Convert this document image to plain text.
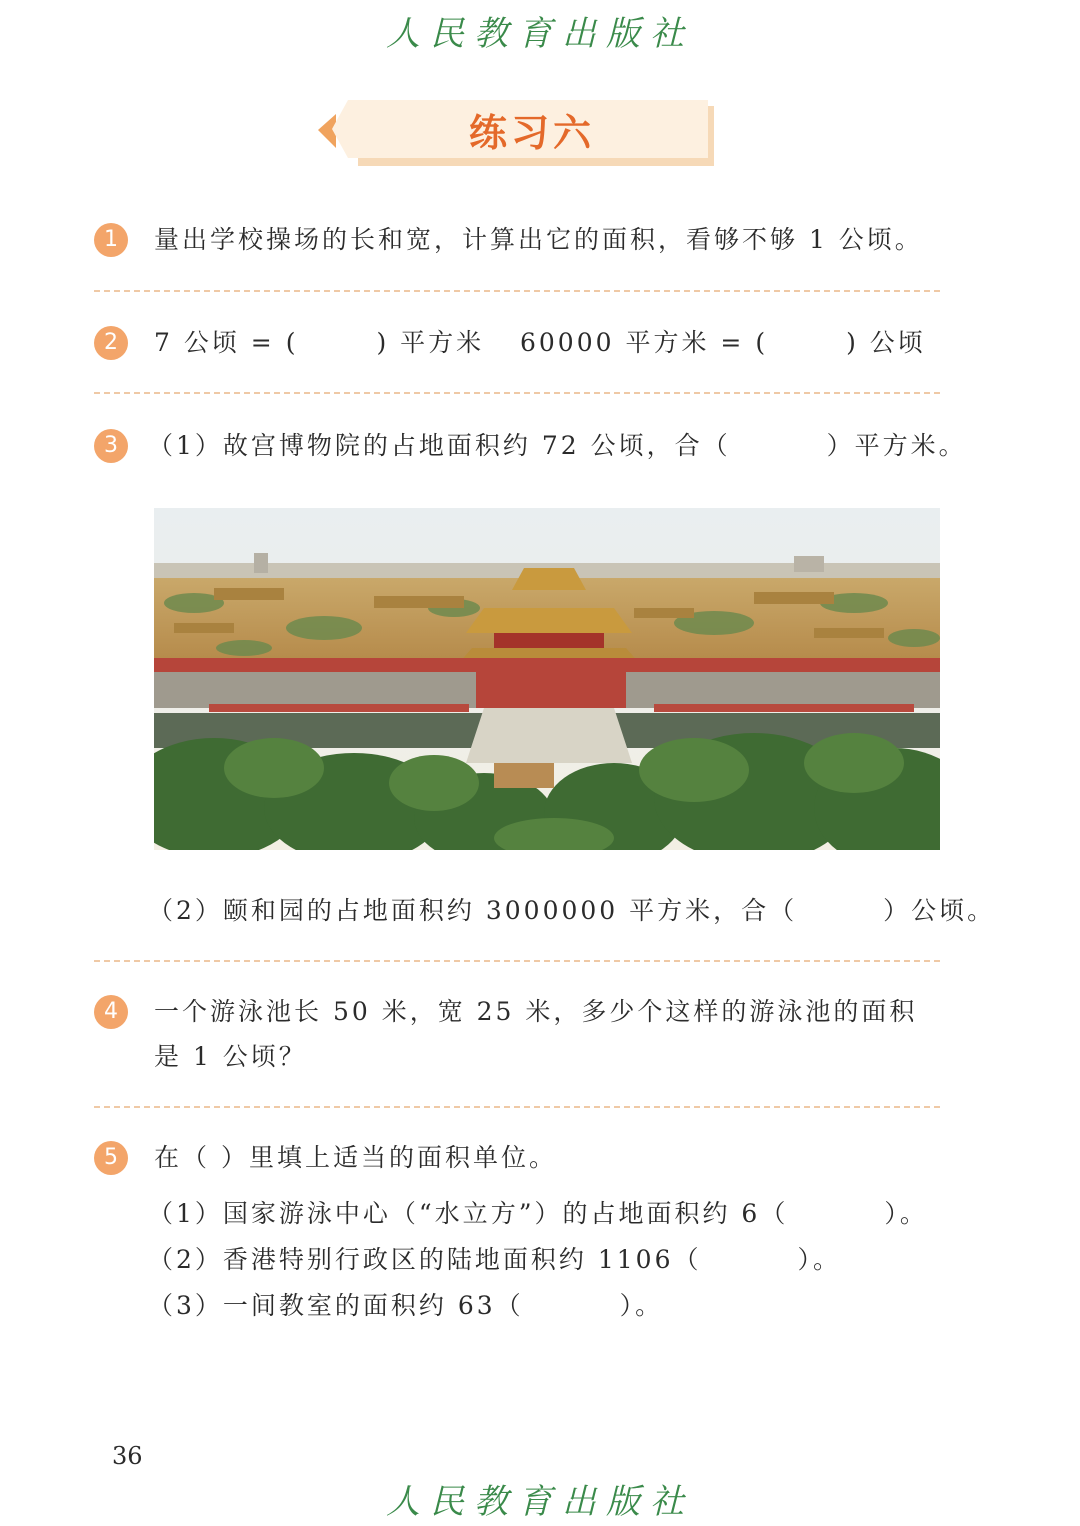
人民教育出版社
练习六
1	量出学校操场的长和宽，计算出它的面积，看够不够 1 公顷。
2	7 公顷 = (	) 平方米 60000 平方米 = (	) 公顷
3	（1）故宫博物院的占地面积约 72 公顷，合（	）平方米。
（2）颐和园的占地面积约 3000000 平方米，合（	）公顷。
4	一个游泳池长 50 米，宽 25 米，多少个这样的游泳池的面积
是 1 公顷？
5	在（ ）里填上适当的面积单位。
（1）国家游泳中心（“水立方”）的占地面积约 6（	）。
（2）香港特别行政区的陆地面积约 1106（	）。
（3）一间教室的面积约 63（	）。
36
人民教育出版社
